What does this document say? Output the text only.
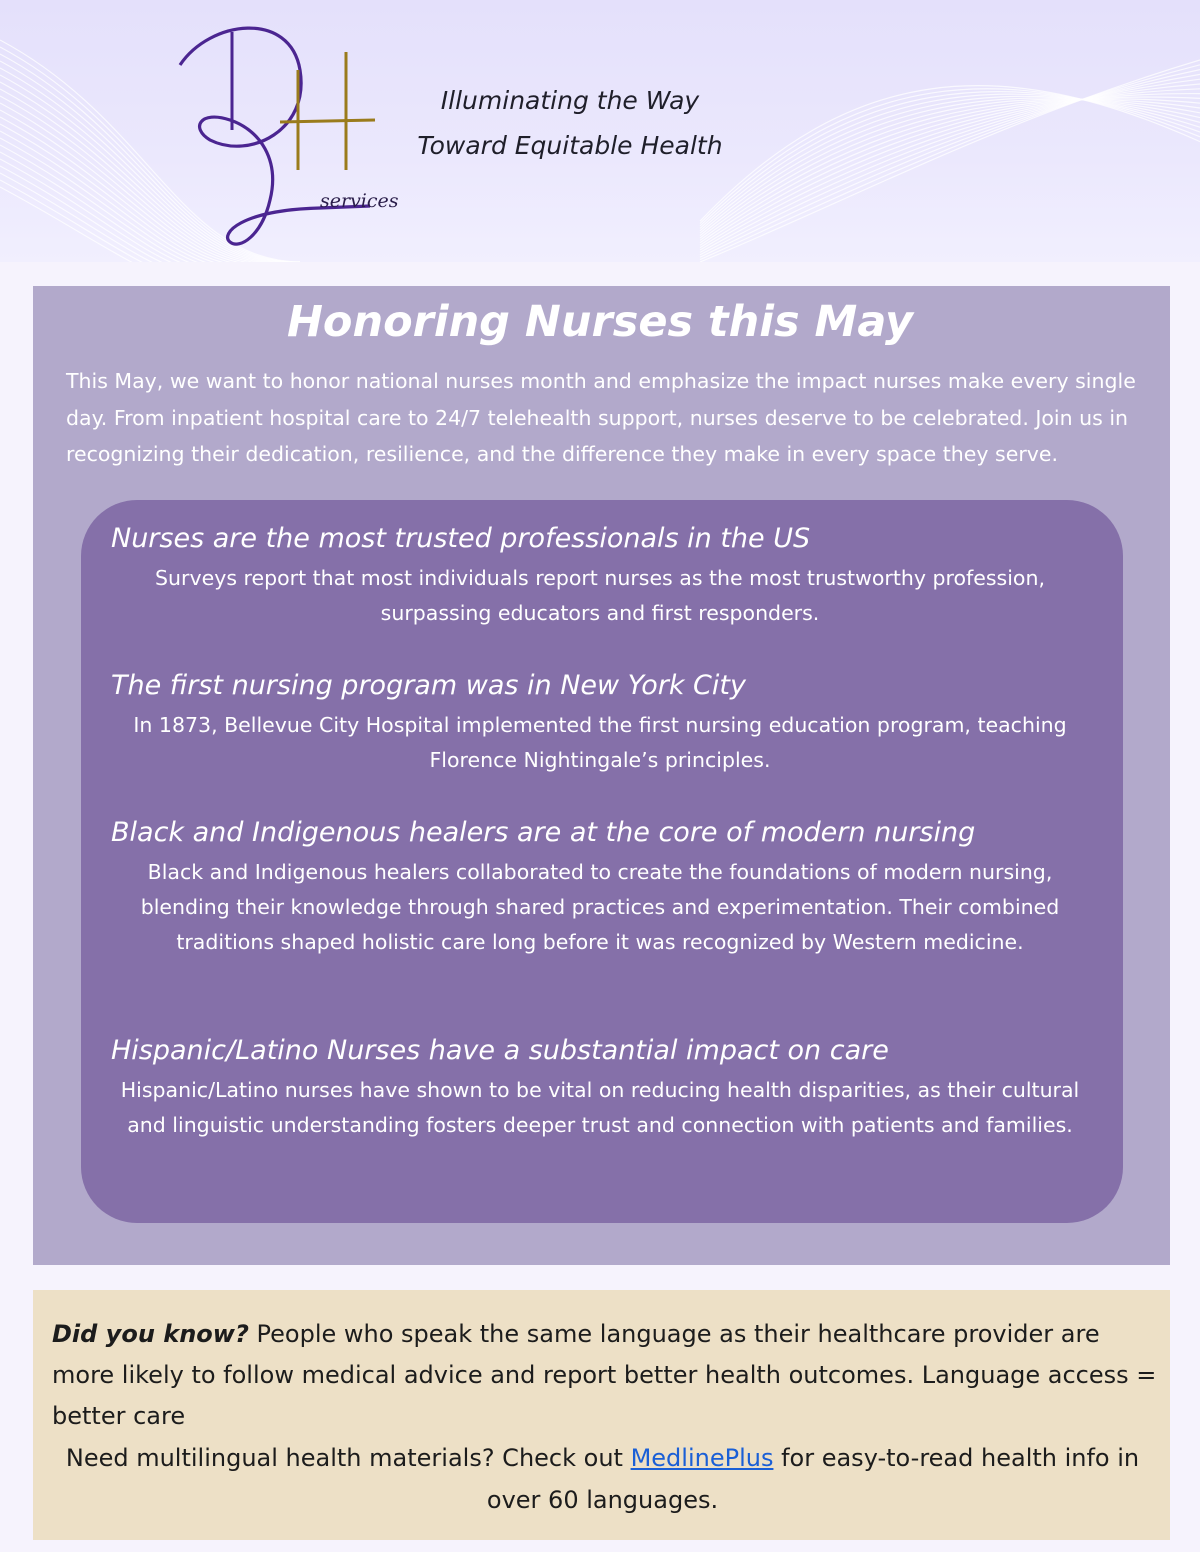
services
Illuminating the Way
Toward Equitable Health
Honoring Nurses this May
This May, we want to honor national nurses month and emphasize the impact nurses make every single day. From inpatient hospital care to 24/7 telehealth support, nurses deserve to be celebrated. Join us in recognizing their dedication, resilience, and the difference they make in every space they serve.
Nurses are the most trusted professionals in the US
Surveys report that most individuals report nurses as the most trustworthy profession, surpassing educators and first responders.
The first nursing program was in New York City
In 1873, Bellevue City Hospital implemented the first nursing education program, teaching Florence Nightingale’s principles.
Black and Indigenous healers are at the core of modern nursing
Black and Indigenous healers collaborated to create the foundations of modern nursing, blending their knowledge through shared practices and experimentation. Their combined traditions shaped holistic care long before it was recognized by Western medicine.
Hispanic/Latino Nurses have a substantial impact on care
Hispanic/Latino nurses have shown to be vital on reducing health disparities, as their cultural and linguistic understanding fosters deeper trust and connection with patients and families.
Did you know? People who speak the same language as their healthcare provider are more likely to follow medical advice and report better health outcomes. Language access = better care
Need multilingual health materials? Check out MedlinePlus for easy-to-read health info in over 60 languages.
